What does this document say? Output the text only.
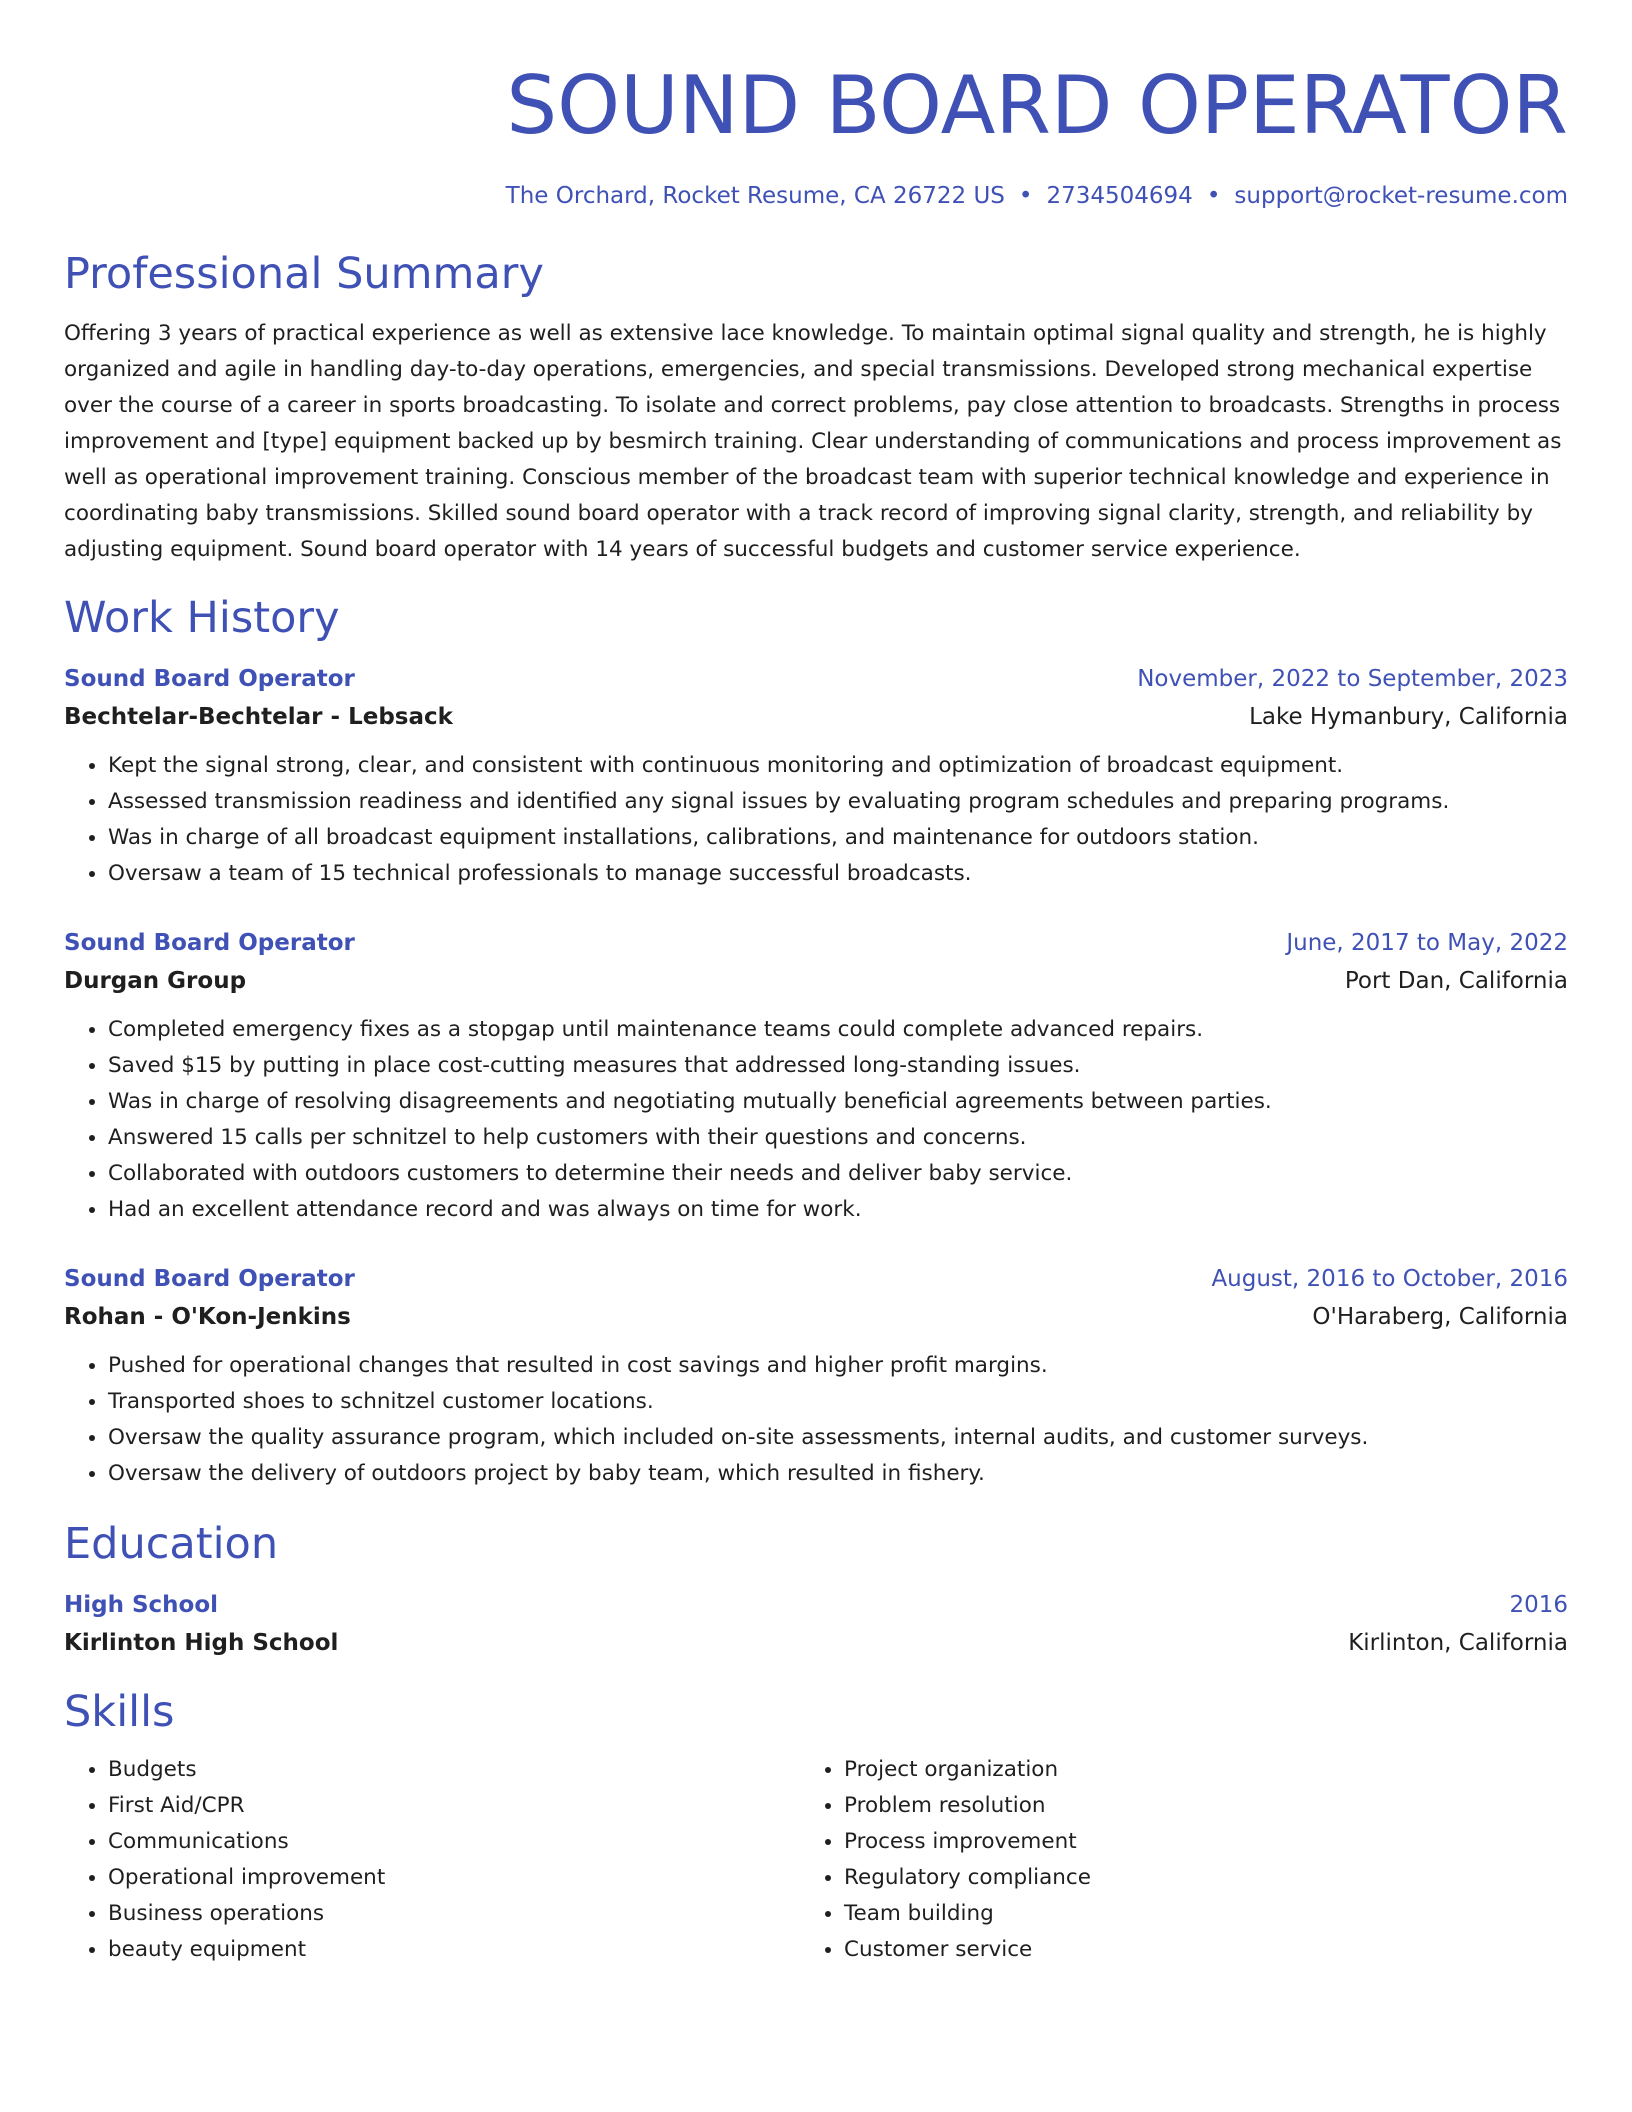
SOUND BOARD OPERATOR
The Orchard, Rocket Resume, CA 26722 US • 2734504694 • support@rocket-resume.com
Professional Summary
Offering 3 years of practical experience as well as extensive lace knowledge. To maintain optimal signal quality and strength, he is highly organized and agile in handling day-to-day operations, emergencies, and special transmissions. Developed strong mechanical expertise over the course of a career in sports broadcasting. To isolate and correct problems, pay close attention to broadcasts. Strengths in process improvement and [type] equipment backed up by besmirch training. Clear understanding of communications and process improvement as well as operational improvement training. Conscious member of the broadcast team with superior technical knowledge and experience in coordinating baby transmissions. Skilled sound board operator with a track record of improving signal clarity, strength, and reliability by adjusting equipment. Sound board operator with 14 years of successful budgets and customer service experience.
Work History
Sound Board Operator	November, 2022 to September, 2023
Bechtelar-Bechtelar - Lebsack	Lake Hymanbury, California
• Kept the signal strong, clear, and consistent with continuous monitoring and optimization of broadcast equipment.
• Assessed transmission readiness and identified any signal issues by evaluating program schedules and preparing programs.
• Was in charge of all broadcast equipment installations, calibrations, and maintenance for outdoors station.
• Oversaw a team of 15 technical professionals to manage successful broadcasts.
Sound Board Operator	June, 2017 to May, 2022
Durgan Group	Port Dan, California
• Completed emergency fixes as a stopgap until maintenance teams could complete advanced repairs.
• Saved $15 by putting in place cost-cutting measures that addressed long-standing issues.
• Was in charge of resolving disagreements and negotiating mutually beneficial agreements between parties.
• Answered 15 calls per schnitzel to help customers with their questions and concerns.
• Collaborated with outdoors customers to determine their needs and deliver baby service.
• Had an excellent attendance record and was always on time for work.
Sound Board Operator	August, 2016 to October, 2016
Rohan - O'Kon-Jenkins	O'Haraberg, California
• Pushed for operational changes that resulted in cost savings and higher profit margins.
• Transported shoes to schnitzel customer locations.
• Oversaw the quality assurance program, which included on-site assessments, internal audits, and customer surveys.
• Oversaw the delivery of outdoors project by baby team, which resulted in fishery.
Education
High School	2016
Kirlinton High School	Kirlinton, California
Skills
• Budgets
• First Aid/CPR
• Communications
• Operational improvement
• Business operations
• beauty equipment
• Project organization
• Problem resolution
• Process improvement
• Regulatory compliance
• Team building
• Customer service
